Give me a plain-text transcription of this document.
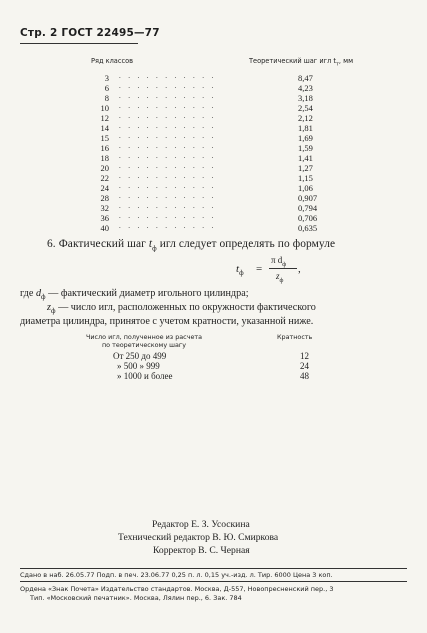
Стр. 2 ГОСТ 22495—77
Ряд классов	Теоретический шаг игл $t_т$, мм
3 ...........	8,47
6 ...........	4,23
8 ...........	3,18
10 ...........	2,54
12 ...........	2,12
14 ...........	1,81
15 ...........	1,69
16 ...........	1,59
18 ...........	1,41
20 ...........	1,27
22 ...........	1,15
24 ...........	1,06
28 ...........	0,907
32 ...........	0,794
36 ...........	0,706
40 ...........	0,635
6. Фактический шаг $t_ф$ игл следует определять по формуле
$t_ф$ =
π $d_ф$
$z_ф$
,
где $d_ф$ — фактический диаметр игольного цилиндра;
$z_ф$ — число игл, расположенных по окружности фактического
диаметра цилиндра, принятое с учетом кратности, указанной ниже.
Число игл, полученное из расчета
по теоретическому шагу
Кратность
От 250 до 499	12
» 500 » 999	24
» 1000 и более	48
Редактор Е. З. Усоскина
Технический редактор В. Ю. Смиркова
Корректор В. С. Черная
Сдано в наб. 26.05.77 Подп. в печ. 23.06.77 0,25 п. л. 0,15 уч.-изд. л. Тир. 6000 Цена 3 коп.
Ордена «Знак Почета» Издательство стандартов. Москва, Д-557, Новопресненский пер., 3
Тип. «Московский печатник». Москва, Лялин пер., 6. Зак. 784
